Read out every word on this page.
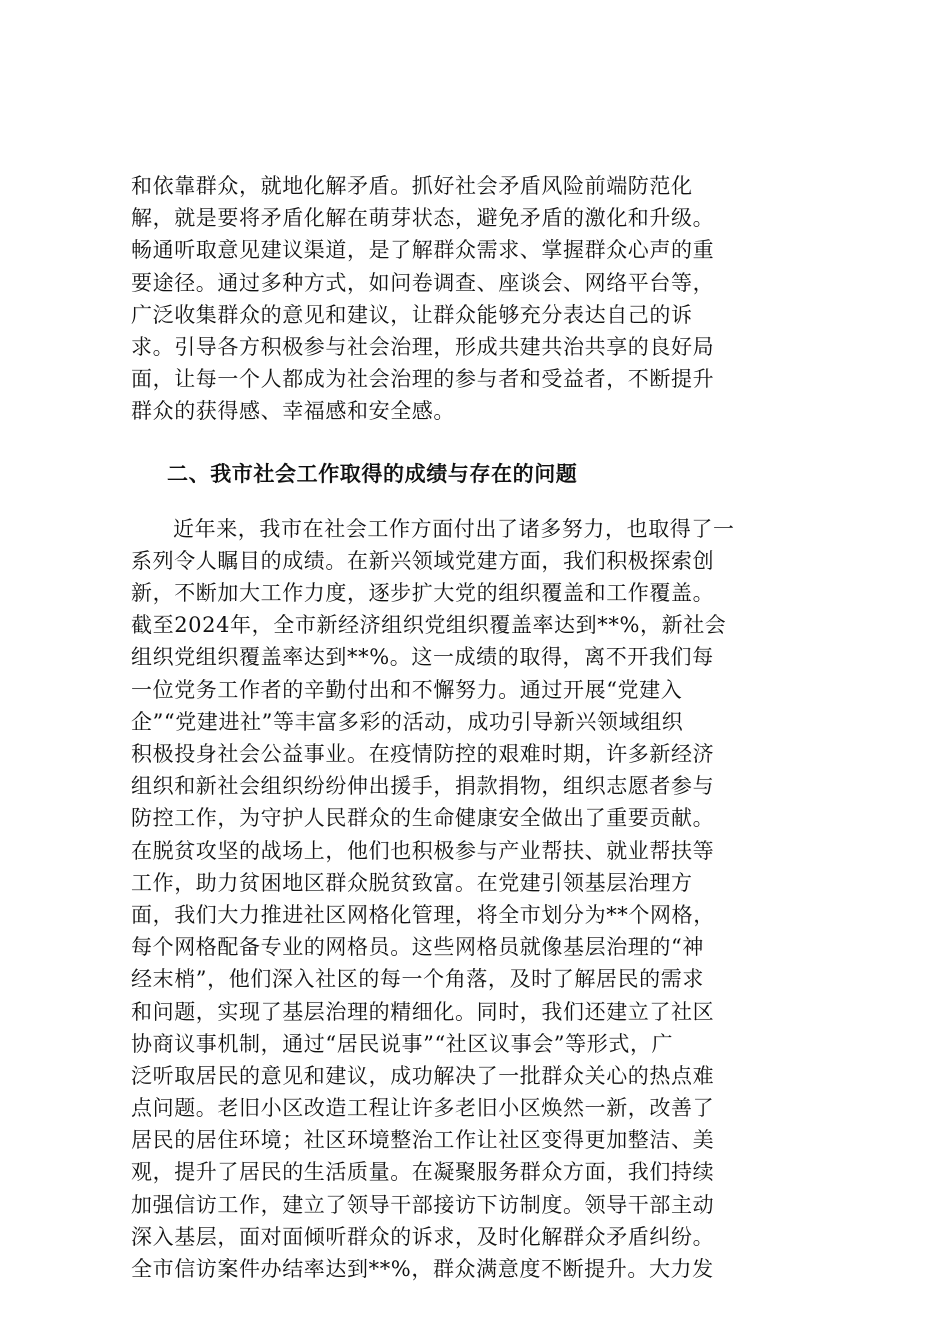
和依靠群众，就地化解矛盾。抓好社会矛盾风险前端防范化
解，就是要将矛盾化解在萌芽状态，避免矛盾的激化和升级。
畅通听取意见建议渠道，是了解群众需求、掌握群众心声的重
要途径。通过多种方式，如问卷调查、座谈会、网络平台等，
广泛收集群众的意见和建议，让群众能够充分表达自己的诉
求。引导各方积极参与社会治理，形成共建共治共享的良好局
面，让每一个人都成为社会治理的参与者和受益者，不断提升
群众的获得感、幸福感和安全感。
二、我市社会工作取得的成绩与存在的问题
近年来，我市在社会工作方面付出了诸多努力，也取得了一
系列令人瞩目的成绩。在新兴领域党建方面，我们积极探索创
新，不断加大工作力度，逐步扩大党的组织覆盖和工作覆盖。
截至2024年，全市新经济组织党组织覆盖率达到**%，新社会
组织党组织覆盖率达到**%。这一成绩的取得，离不开我们每
一位党务工作者的辛勤付出和不懈努力。通过开展“党建入
企”“党建进社”等丰富多彩的活动，成功引导新兴领域组织
积极投身社会公益事业。在疫情防控的艰难时期，许多新经济
组织和新社会组织纷纷伸出援手，捐款捐物，组织志愿者参与
防控工作，为守护人民群众的生命健康安全做出了重要贡献。
在脱贫攻坚的战场上，他们也积极参与产业帮扶、就业帮扶等
工作，助力贫困地区群众脱贫致富。在党建引领基层治理方
面，我们大力推进社区网格化管理，将全市划分为**个网格，
每个网格配备专业的网格员。这些网格员就像基层治理的“神
经末梢”，他们深入社区的每一个角落，及时了解居民的需求
和问题，实现了基层治理的精细化。同时，我们还建立了社区
协商议事机制，通过“居民说事”“社区议事会”等形式，广
泛听取居民的意见和建议，成功解决了一批群众关心的热点难
点问题。老旧小区改造工程让许多老旧小区焕然一新，改善了
居民的居住环境；社区环境整治工作让社区变得更加整洁、美
观，提升了居民的生活质量。在凝聚服务群众方面，我们持续
加强信访工作，建立了领导干部接访下访制度。领导干部主动
深入基层，面对面倾听群众的诉求，及时化解群众矛盾纠纷。
全市信访案件办结率达到**%，群众满意度不断提升。大力发
